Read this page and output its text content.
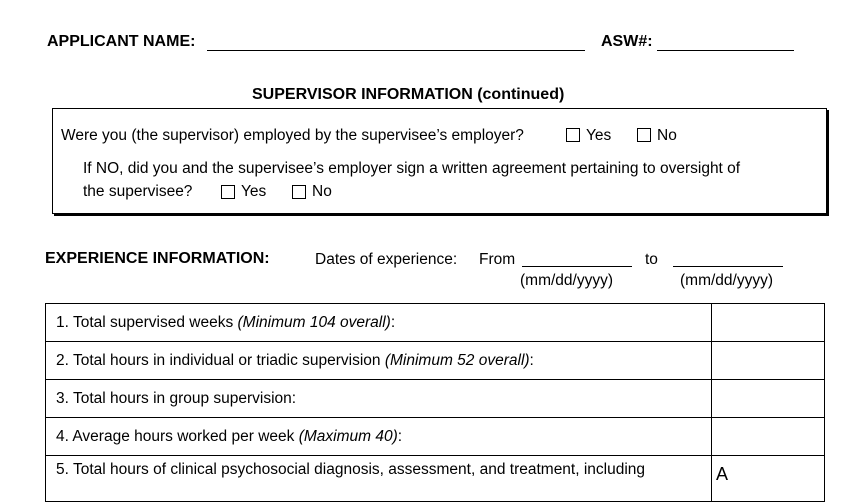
APPLICANT NAME:	ASW#:
SUPERVISOR INFORMATION (continued)
Were you (the supervisor) employed by the supervisee’s employer?	Yes	No
If NO, did you and the supervisee’s employer sign a written agreement pertaining to oversight of
the supervisee?	Yes	No
EXPERIENCE INFORMATION:	Dates of experience: From	to
(mm/dd/yyyy)	(mm/dd/yyyy)
1. Total supervised weeks (Minimum 104 overall):	
2. Total hours in individual or triadic supervision (Minimum 52 overall):	
3. Total hours in group supervision:	
4. Average hours worked per week (Maximum 40):	
5. Total hours of clinical psychosocial diagnosis, assessment, and treatment, including	A
